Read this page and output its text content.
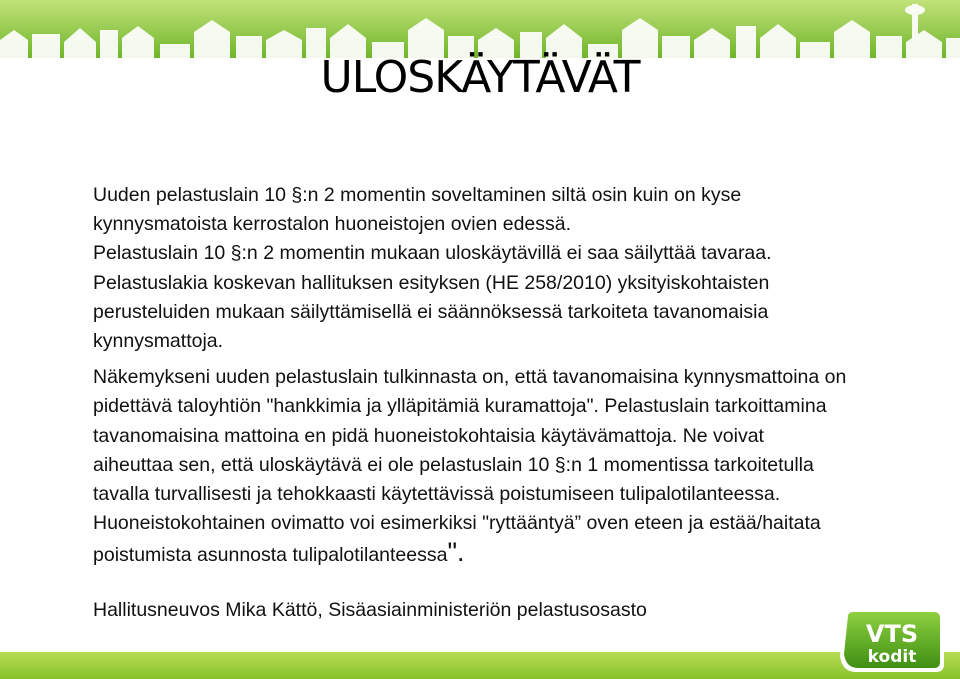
ULOSKÄYTÄVÄT

Uuden pelastuslain 10 §:n 2 momentin soveltaminen siltä osin kuin on kyse

kynnysmatoista kerrostalon huoneistojen ovien edessä.

Pelastuslain 10 §:n 2 momentin mukaan uloskäytävillä ei saa säilyttää tavaraa.

Pelastuslakia koskevan hallituksen esityksen (HE 258/2010) yksityiskohtaisten

perusteluiden mukaan säilyttämisellä ei säännöksessä tarkoiteta tavanomaisia

kynnysmattoja.

Näkemykseni uuden pelastuslain tulkinnasta on, että tavanomaisina kynnysmattoina on

pidettävä taloyhtiön "hankkimia ja ylläpitämiä kuramattoja". Pelastuslain tarkoittamina

tavanomaisina mattoina en pidä huoneistokohtaisia käytävämattoja. Ne voivat

aiheuttaa sen, että uloskäytävä ei ole pelastuslain 10 §:n 1 momentissa tarkoitetulla

tavalla turvallisesti ja tehokkaasti käytettävissä poistumiseen tulipalotilanteessa.

Huoneistokohtainen ovimatto voi esimerkiksi "ryttääntyä” oven eteen ja estää/haitata

poistumista asunnosta tulipalotilanteessa".

Hallitusneuvos Mika Kättö, Sisäasiainministeriön pelastusosasto
VTS
kodit
